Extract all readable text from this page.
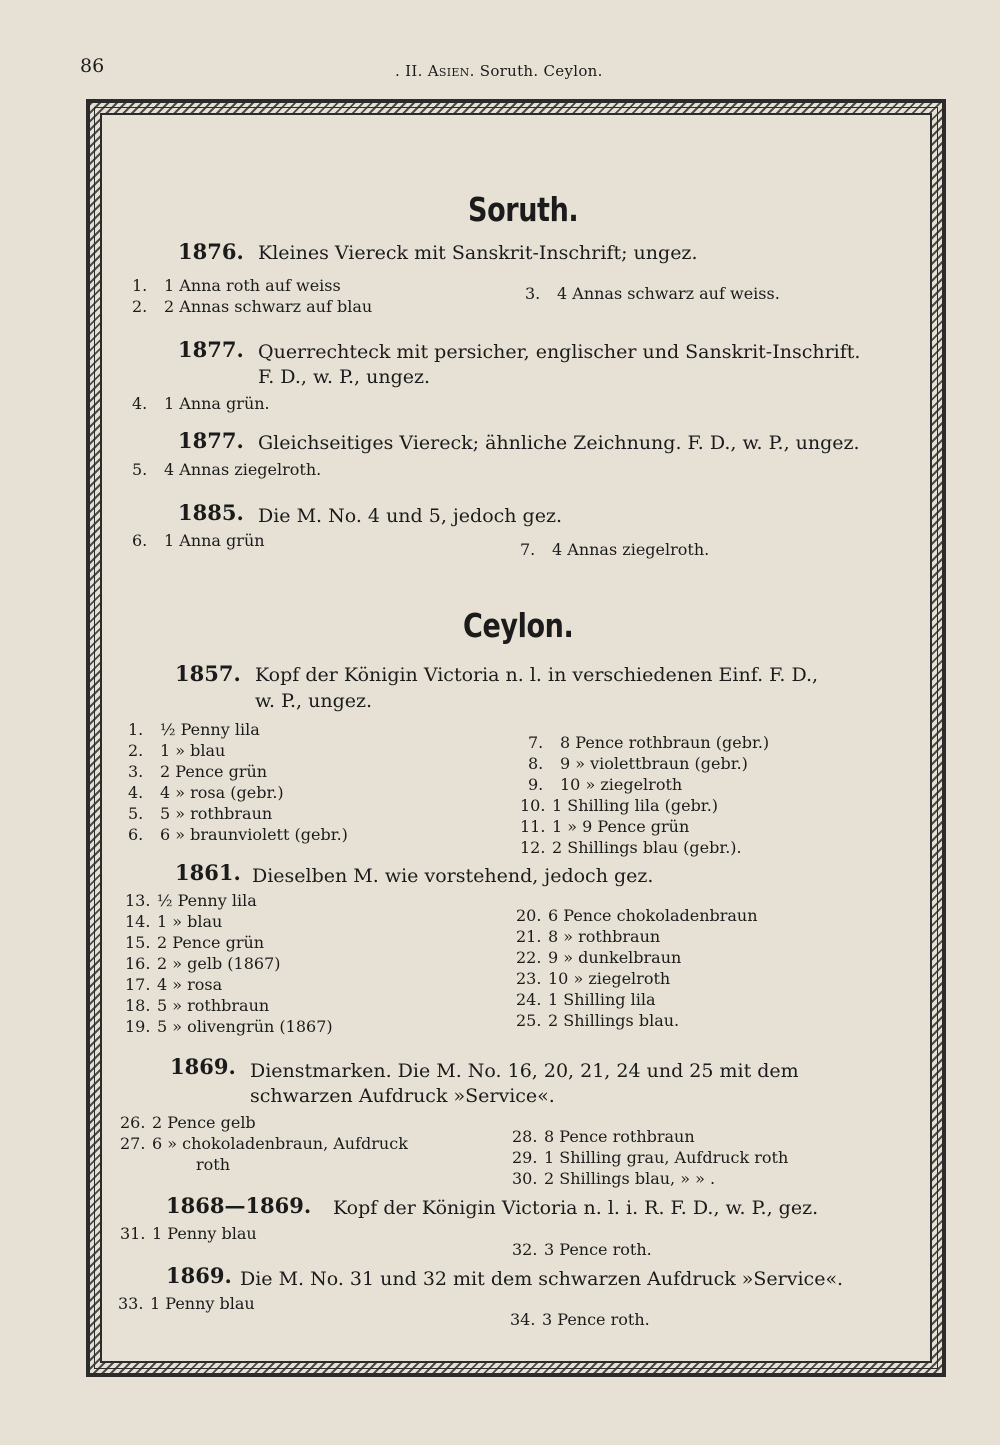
86	. II. Asien. Soruth. Ceylon.
Soruth.
1876. Kleines Viereck mit Sanskrit-Inschrift; ungez.
1. 1 Anna roth auf weiss
2. 2 Annas schwarz auf blau
3. 4 Annas schwarz auf weiss.
1877. Querrechteck mit persicher, englischer und Sanskrit-Inschrift.
F. D., w. P., ungez.
4. 1 Anna grün.
1877. Gleichseitiges Viereck; ähnliche Zeichnung. F. D., w. P., ungez.
5. 4 Annas ziegelroth.
1885. Die M. No. 4 und 5, jedoch gez.
6. 1 Anna grün	7. 4 Annas ziegelroth.
Ceylon.
1857. Kopf der Königin Victoria n. l. in verschiedenen Einf. F. D.,
w. P., ungez.
1. ½ Penny lila
2. 1 » blau
3. 2 Pence grün
4. 4 » rosa (gebr.)
5. 5 » rothbraun
6. 6 » braunviolett (gebr.)
7. 8 Pence rothbraun (gebr.)
8. 9 » violettbraun (gebr.)
9. 10 » ziegelroth
10. 1 Shilling lila (gebr.)
11. 1 » 9 Pence grün
12. 2 Shillings blau (gebr.).
1861. Dieselben M. wie vorstehend, jedoch gez.
13. ½ Penny lila
14. 1 » blau
15. 2 Pence grün
16. 2 » gelb (1867)
17. 4 » rosa
18. 5 » rothbraun
19. 5 » olivengrün (1867)
20. 6 Pence chokoladenbraun
21. 8 » rothbraun
22. 9 » dunkelbraun
23. 10 » ziegelroth
24. 1 Shilling lila
25. 2 Shillings blau.
1869. Dienstmarken. Die M. No. 16, 20, 21, 24 und 25 mit dem
schwarzen Aufdruck »Service«.
26. 2 Pence gelb
27. 6 » chokoladenbraun, Aufdruck
roth
28. 8 Pence rothbraun
29. 1 Shilling grau, Aufdruck roth
30. 2 Shillings blau, » » .
1868—1869. Kopf der Königin Victoria n. l. i. R. F. D., w. P., gez.
31. 1 Penny blau
32. 3 Pence roth.
1869. Die M. No. 31 und 32 mit dem schwarzen Aufdruck »Service«.
33. 1 Penny blau
34. 3 Pence roth.
